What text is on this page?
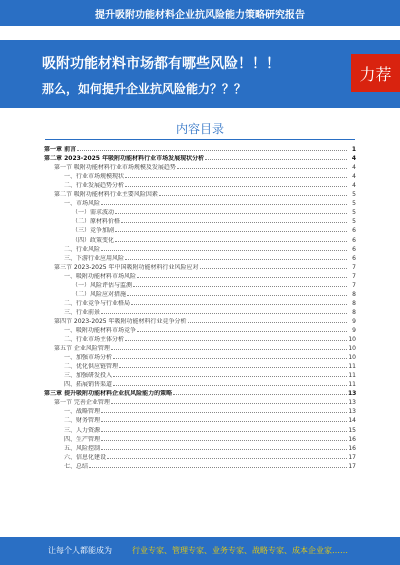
提升吸附功能材料企业抗风险能力策略研究报告
吸附功能材料市场都有哪些风险！！！
那么，如何提升企业抗风险能力？？？
力荐
内容目录
第一章 前言	1
第二章 2023-2025 年吸附功能材料行业市场发展现状分析	4
第一节 吸附功能材料行业市场规模及发展趋势	4
一、行业市场规模现状	4
二、行业发展趋势分析	4
第二节 吸附功能材料行业主要风险因素	5
一、市场风险	5
（一）需求波动	5
（二）原材料价格	5
（三）竞争加剧	6
（四）政策变化	6
二、行业风险	6
三、下游行业应用风险	6
第三节 2023-2025 年中国吸附功能材料行业风险应对	7
一、吸附功能材料市场风险	7
（一）风险评估与监测	7
（二）风险应对措施	8
二、行业竞争与行业格局	8
三、行业前景	8
第四节 2023-2025 年吸附功能材料行业竞争分析	9
一、吸附功能材料市场竞争	9
二、行业市场主体分析	10
第五节 企业风险管理	10
一、加强市场分析	10
二、优化供应链管理	11
三、加强研发投入	11
四、拓展销售渠道	11
第三章 提升吸附功能材料企业抗风险能力的策略	13
第一节 完善企业管理	13
一、战略管理	13
二、财务管理	14
三、人力资源	15
四、生产管理	16
五、风险控制	16
六、信息化建设	17
七、总结	17
让每个人都能成为	行业专家、管理专家、业务专家、战略专家、成本企业家……
